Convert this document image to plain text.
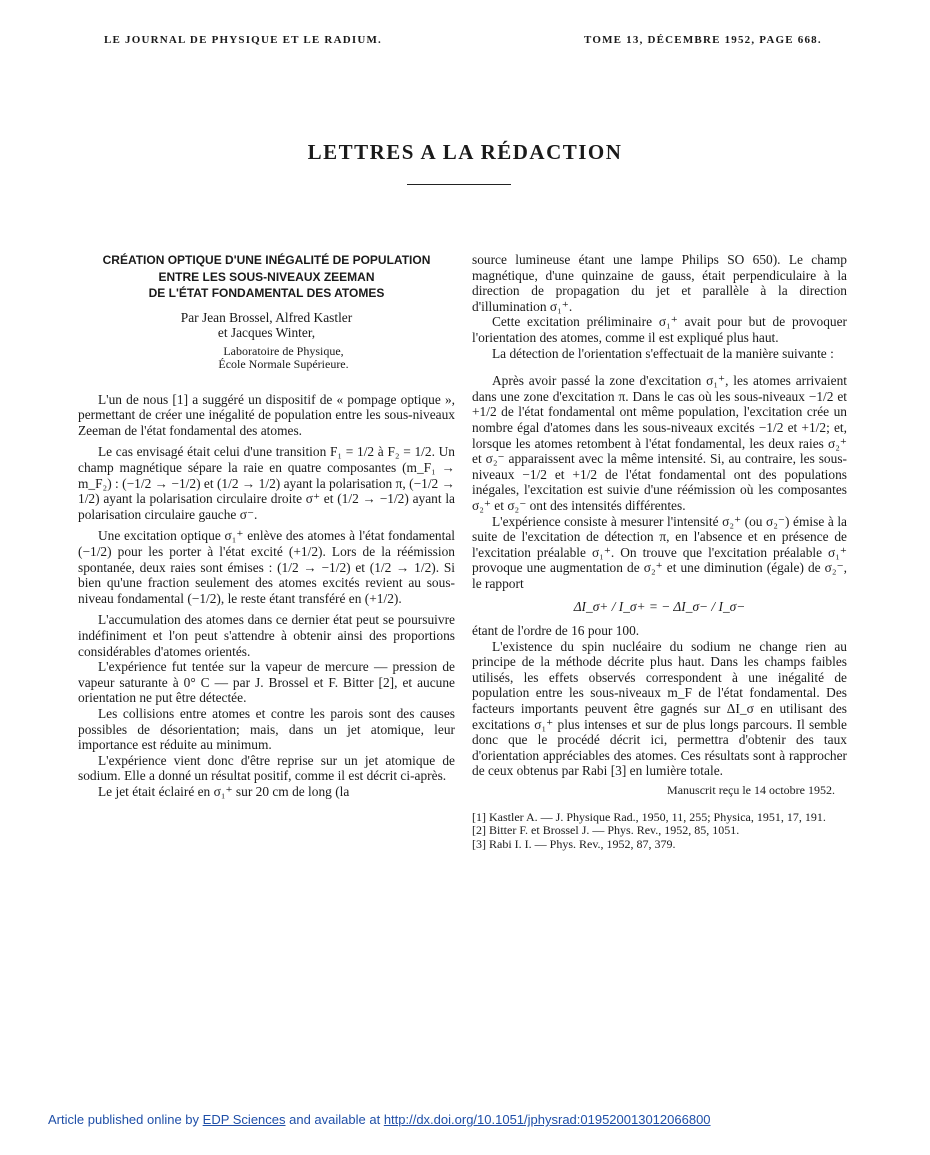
LE JOURNAL DE PHYSIQUE ET LE RADIUM.	TOME 13, DÉCEMBRE 1952, PAGE 668.
LETTRES A LA RÉDACTION

CRÉATION OPTIQUE D'UNE INÉGALITÉ DE POPULATION

ENTRE LES SOUS-NIVEAUX ZEEMAN

DE L'ÉTAT FONDAMENTAL DES ATOMES

Par Jean Brossel, Alfred Kastler

et Jacques Winter,

Laboratoire de Physique,

École Normale Supérieure.

L'un de nous [1] a suggéré un dispositif de « pompage optique », permettant de créer une inégalité de population entre les sous-niveaux Zeeman de l'état fondamental des atomes.

Le cas envisagé était celui d'une transition F₁ = 1/2 à F₂ = 1/2. Un champ magnétique sépare la raie en quatre composantes (m_F₁ → m_F₂) : (−1/2 → −1/2) et (1/2 → 1/2) ayant la polarisation π, (−1/2 → 1/2) ayant la polarisation circulaire droite σ⁺ et (1/2 → −1/2) ayant la polarisation circulaire gauche σ⁻.

Une excitation optique σ₁⁺ enlève des atomes à l'état fondamental (−1/2) pour les porter à l'état excité (+1/2). Lors de la réémission spontanée, deux raies sont émises : (1/2 → −1/2) et (1/2 → 1/2). Si bien qu'une fraction seulement des atomes excités revient au sous-niveau fondamental (−1/2), le reste étant transféré en (+1/2).

L'accumulation des atomes dans ce dernier état peut se poursuivre indéfiniment et l'on peut s'attendre à obtenir ainsi des proportions considérables d'atomes orientés.

L'expérience fut tentée sur la vapeur de mercure — pression de vapeur saturante à 0° C — par J. Brossel et F. Bitter [2], et aucune orientation ne put être détectée.

Les collisions entre atomes et contre les parois sont des causes possibles de désorientation; mais, dans un jet atomique, leur importance est réduite au minimum.

L'expérience vient donc d'être reprise sur un jet atomique de sodium. Elle a donné un résultat positif, comme il est décrit ci-après.

Le jet était éclairé en σ₁⁺ sur 20 cm de long (la

source lumineuse étant une lampe Philips SO 650). Le champ magnétique, d'une quinzaine de gauss, était perpendiculaire à la direction de propagation du jet et parallèle à la direction d'illumination σ₁⁺.

Cette excitation préliminaire σ₁⁺ avait pour but de provoquer l'orientation des atomes, comme il est expliqué plus haut.

La détection de l'orientation s'effectuait de la manière suivante :

Après avoir passé la zone d'excitation σ₁⁺, les atomes arrivaient dans une zone d'excitation π. Dans le cas où les sous-niveaux −1/2 et +1/2 de l'état fondamental ont même population, l'excitation crée un nombre égal d'atomes dans les sous-niveaux excités −1/2 et +1/2; et, lorsque les atomes retombent à l'état fondamental, les deux raies σ₂⁺ et σ₂⁻ apparaissent avec la même intensité. Si, au contraire, les sous-niveaux −1/2 et +1/2 de l'état fondamental ont des populations inégales, l'excitation est suivie d'une réémission où les composantes σ₂⁺ et σ₂⁻ ont des intensités différentes.

L'expérience consiste à mesurer l'intensité σ₂⁺ (ou σ₂⁻) émise à la suite de l'excitation de détection π, en l'absence et en présence de l'excitation préalable σ₁⁺. On trouve que l'excitation préalable σ₁⁺ provoque une augmentation de σ₂⁺ et une diminution (égale) de σ₂⁻, le rapport

ΔI_σ+ / I_σ+ = − ΔI_σ− / I_σ−

étant de l'ordre de 16 pour 100.

L'existence du spin nucléaire du sodium ne change rien au principe de la méthode décrite plus haut. Dans les champs faibles utilisés, les effets observés correspondent à une inégalité de population entre les sous-niveaux m_F de l'état fondamental. Des facteurs importants peuvent être gagnés sur ΔI_σ en utilisant des excitations σ₁⁺ plus intenses et sur de plus longs parcours. Il semble donc que le procédé décrit ici, permettra d'obtenir des taux d'orientation appréciables des atomes. Ces résultats sont à rapprocher de ceux obtenus par Rabi [3] en lumière totale.

Manuscrit reçu le 14 octobre 1952.

[1] Kastler A. — J. Physique Rad., 1950, 11, 255; Physica, 1951, 17, 191.

[2] Bitter F. et Brossel J. — Phys. Rev., 1952, 85, 1051.

[3] Rabi I. I. — Phys. Rev., 1952, 87, 379.

Article published online by EDP Sciences and available at http://dx.doi.org/10.1051/jphysrad:019520013012066800
